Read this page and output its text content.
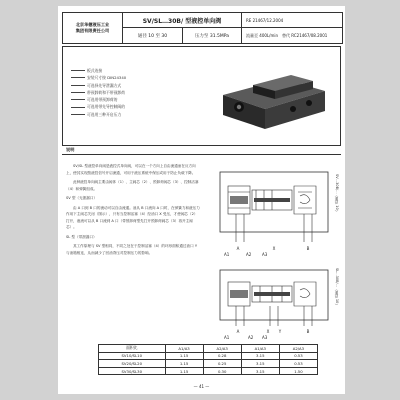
北京华德液压工业
集团有限责任公司
SV/SL…30B/ 型液控单向阀	RE 21467/12.2004
通径 10 至 30	压力至 31.5MPa	流量至 400L/min 替代 RC21467/08.2001
板式连接
安装尺寸按 DIN24340
可选择先导泄漏方式
带预卸荷和不带预卸荷
可选用带预卸荷的
可选用带先导控制阀的
可选用三种开启压力
说明

SV/SL 型液控单向阀是液控式单向阀，可以在一个方向上自由流通而在反方向上，使其实现按液控信号开启流通，可用于液压系统中保压或用于防止负载下降。

此种液控单向阀主要由阀体（1）、主阀芯（2）、预卸荷阀芯（3）、控制活塞（4）和弹簧组成。

SV 型（无泄漏口）

由 A 口到 B 口的流动可以自由流通。油从 B 口流向 A 口时，在弹簧力和液压力作用下主阀芯关闭（图示），只有当控制活塞（4）经油口 X 受压，才使阀芯（2）打开，液流可以从 B 口流到 A 口（带预卸荷型先打开预卸荷阀芯（3）再开主阀芯）。

SL 型（带泄漏口）

其工作原理与 SV 型相同，不同之处在于控制活塞（4）的环形面积通过油口 Y 与油箱相连，从而减少了回油背压对控制压力的影响。

A	B
X
A1	A2	A3
SV…30B/…（通径 10）
A	B
X Y
A1	A2 A3
SL…30B/…（通径 10）
面积比	A1/A3	A2/A3	A1/A3	A2/A3
SV10/SL10	1.15	0.28	3.15	0.53
SV20/SL20	1.15	0.25	3.15	0.53
SV30/SL30	1.15	0.30	3.15	1.50
— 41 —
